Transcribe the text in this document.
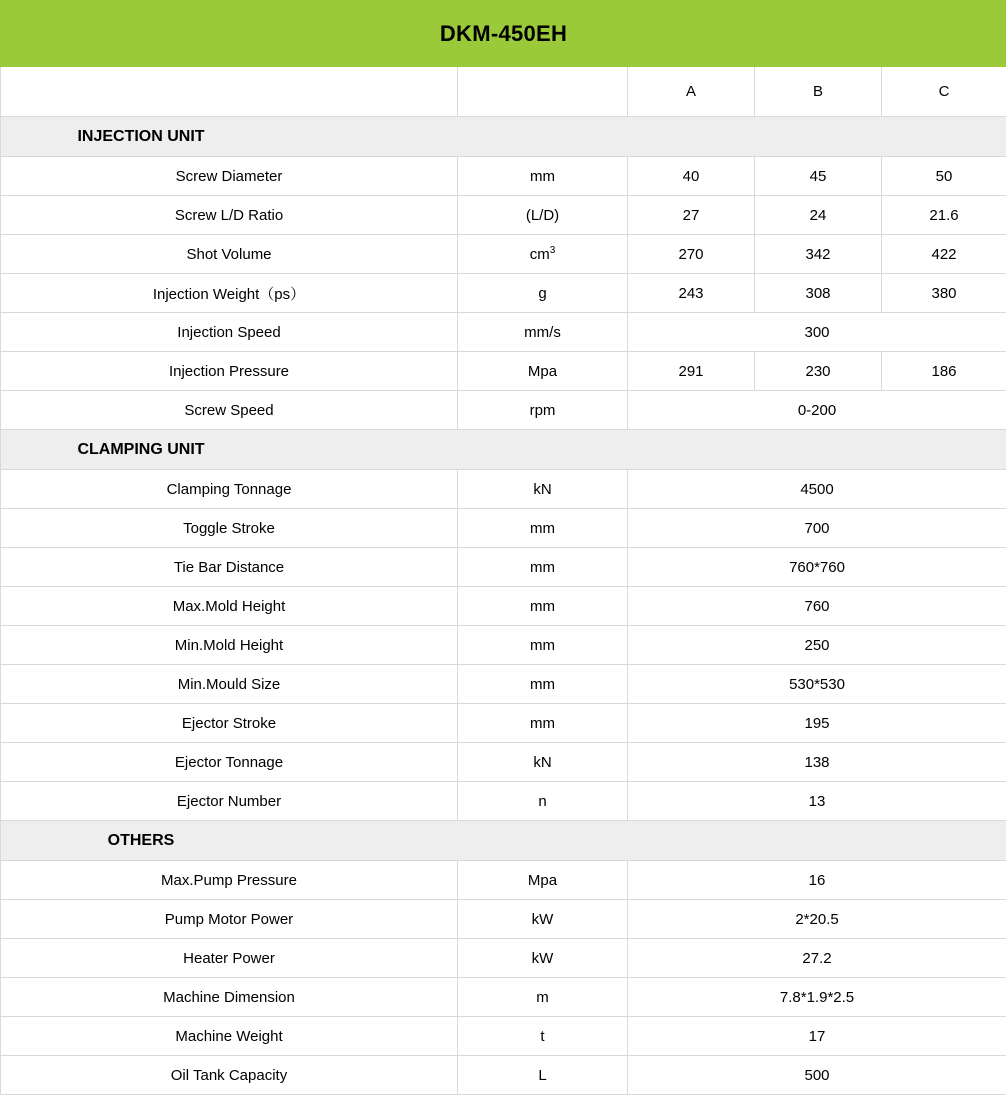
DKM-450EH				
		A	B	C

INJECTION UNIT				

Screw Diameter	mm	40	45	50
Screw L/D Ratio	(L/D)	27	24	21.6
Shot Volume	$cm^3$	270	342	422
Injection Weight（ps）	g	243	308	380
Injection Speed	mm/s	300		
Injection Pressure	Mpa	291	230	186
Screw Speed	rpm	0-200		

CLAMPING UNIT				

Clamping Tonnage	kN	4500		
Toggle Stroke	mm	700		
Tie Bar Distance	mm	760*760		
Max.Mold Height	mm	760		
Min.Mold Height	mm	250		
Min.Mould Size	mm	530*530		
Ejector Stroke	mm	195		
Ejector Tonnage	kN	138		
Ejector Number	n	13		

OTHERS				

Max.Pump Pressure	Mpa	16		
Pump Motor Power	kW	2*20.5		
Heater Power	kW	27.2		
Machine Dimension	m	7.8*1.9*2.5		
Machine Weight	t	17		
Oil Tank Capacity	L	500		
